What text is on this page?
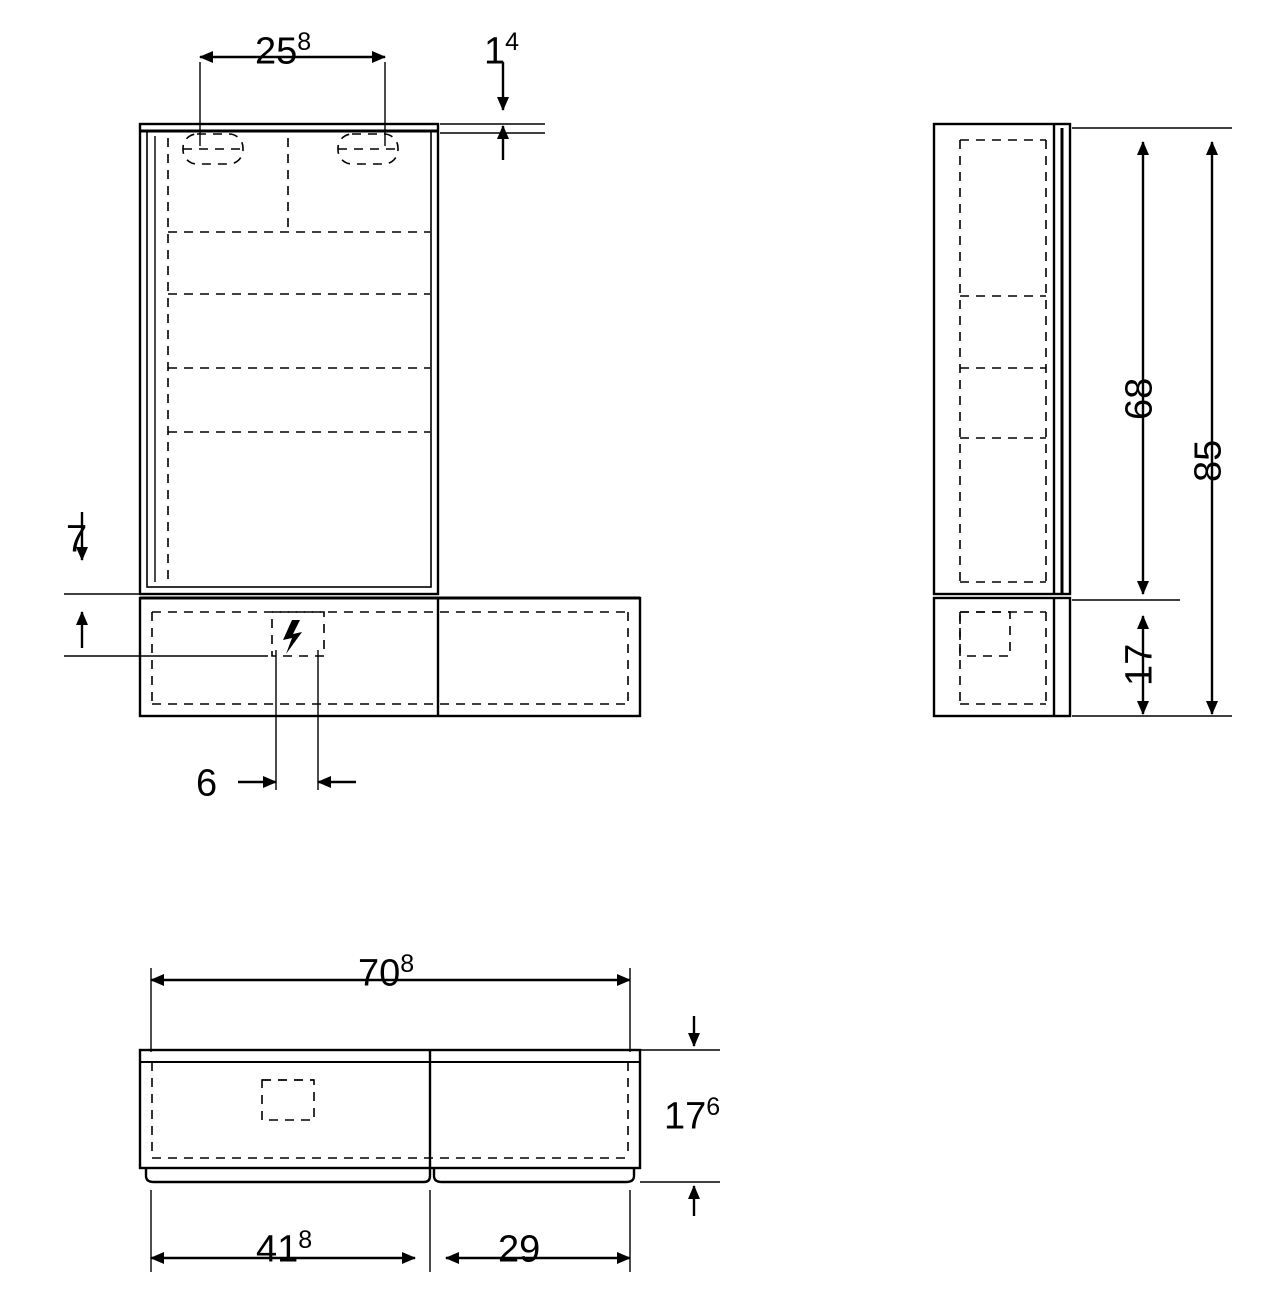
$25^8$	$1^4$
7
6
68
85
17
$70^8$
$17^6$
$41^8$	29
